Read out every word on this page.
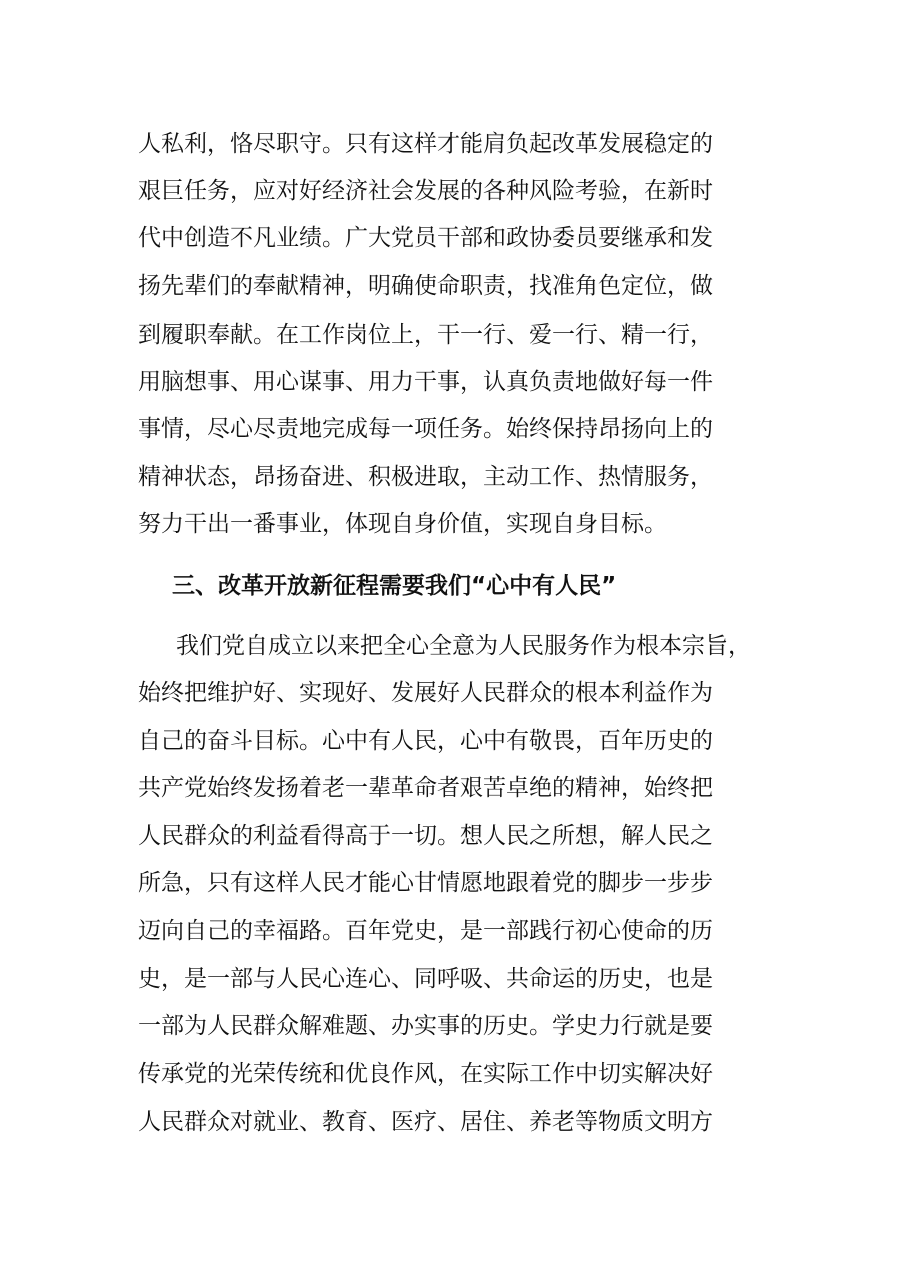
人私利，恪尽职守。只有这样才能肩负起改革发展稳定的

艰巨任务，应对好经济社会发展的各种风险考验，在新时

代中创造不凡业绩。广大党员干部和政协委员要继承和发

扬先辈们的奉献精神，明确使命职责，找准角色定位，做

到履职奉献。在工作岗位上，干一行、爱一行、精一行，

用脑想事、用心谋事、用力干事，认真负责地做好每一件

事情，尽心尽责地完成每一项任务。始终保持昂扬向上的

精神状态，昂扬奋进、积极进取，主动工作、热情服务，

努力干出一番事业，体现自身价值，实现自身目标。

三、改革开放新征程需要我们“心中有人民”

我们党自成立以来把全心全意为人民服务作为根本宗旨，

始终把维护好、实现好、发展好人民群众的根本利益作为

自己的奋斗目标。心中有人民，心中有敬畏，百年历史的

共产党始终发扬着老一辈革命者艰苦卓绝的精神，始终把

人民群众的利益看得高于一切。想人民之所想，解人民之

所急，只有这样人民才能心甘情愿地跟着党的脚步一步步

迈向自己的幸福路。百年党史，是一部践行初心使命的历

史，是一部与人民心连心、同呼吸、共命运的历史，也是

一部为人民群众解难题、办实事的历史。学史力行就是要

传承党的光荣传统和优良作风，在实际工作中切实解决好

人民群众对就业、教育、医疗、居住、养老等物质文明方
